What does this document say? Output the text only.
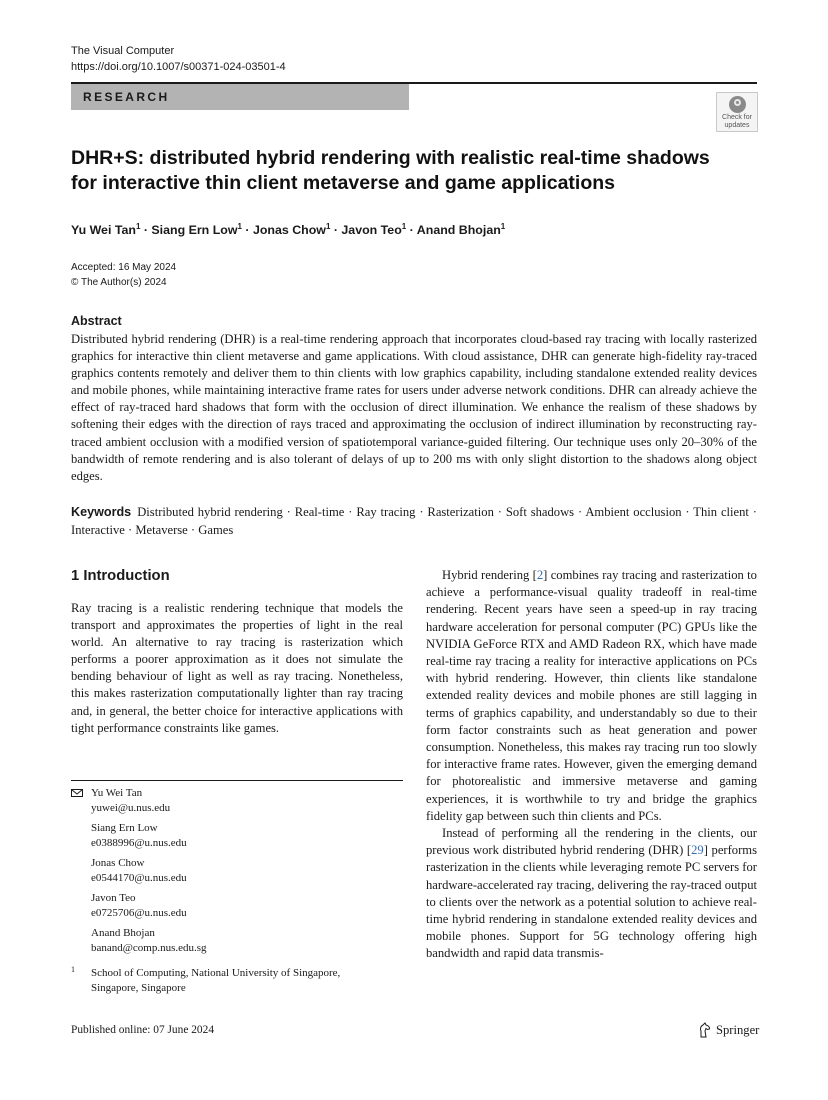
The Visual Computer
https://doi.org/10.1007/s00371-024-03501-4
RESEARCH
Check for
updates
DHR+S: distributed hybrid rendering with realistic real-time shadows
for interactive thin client metaverse and game applications
Yu Wei Tan$^1$ · Siang Ern Low$^1$ · Jonas Chow$^1$ · Javon Teo$^1$ · Anand Bhojan$^1$
Accepted: 16 May 2024
© The Author(s) 2024
Abstract
Distributed hybrid rendering (DHR) is a real-time rendering approach that incorporates cloud-based ray tracing with locally rasterized graphics for interactive thin client metaverse and game applications. With cloud assistance, DHR can generate high-fidelity ray-traced graphics contents remotely and deliver them to thin clients with low graphics capability, including standalone extended reality devices and mobile phones, while maintaining interactive frame rates for users under adverse network conditions. DHR can already achieve the effect of ray-traced hard shadows that form with the occlusion of direct illumination. We enhance the realism of these shadows by softening their edges with the direction of rays traced and approximating the occlusion of indirect illumination by reconstructing ray-traced ambient occlusion with a modified version of spatiotemporal variance-guided filtering. Our technique uses only 20–30% of the bandwidth of remote rendering and is also tolerant of delays of up to 200 ms with only slight distortion to the shadows along object edges.
Keywords Distributed hybrid rendering · Real-time · Ray tracing · Rasterization · Soft shadows · Ambient occlusion · Thin client · Interactive · Metaverse · Games
1 Introduction

Ray tracing is a realistic rendering technique that models the transport and approximates the properties of light in the real world. An alternative to ray tracing is rasterization which performs a poorer approximation as it does not simulate the bending behaviour of light as well as ray tracing. Nonetheless, this makes rasterization computationally lighter than ray tracing and, in general, the better choice for interactive applications with tight performance constraints like games.

Hybrid rendering [2] combines ray tracing and rasterization to achieve a performance-visual quality tradeoff in real-time rendering. Recent years have seen a speed-up in ray tracing hardware acceleration for personal computer (PC) GPUs like the NVIDIA GeForce RTX and AMD Radeon RX, which have made real-time ray tracing a reality for interactive applications on PCs with hybrid rendering. However, thin clients like standalone extended reality devices and mobile phones are still lagging in terms of graphics capability, and understandably so due to their form factor constraints such as heat generation and power consumption. Nonetheless, this makes ray tracing run too slowly for interactive frame rates. However, given the emerging demand for photorealistic and immersive metaverse and gaming experiences, it is worthwhile to try and bridge the graphics fidelity gap between such thin clients and PCs.

Instead of performing all the rendering in the clients, our previous work distributed hybrid rendering (DHR) [29] performs rasterization in the clients while leveraging remote PC servers for hardware-accelerated ray tracing, delivering the ray-traced output to clients over the network as a potential solution to achieve real-time hybrid rendering in standalone extended reality devices and mobile phones. Support for 5G technology offering high bandwidth and rapid data transmis-

Yu Wei Tan
yuwei@u.nus.edu
Siang Ern Low
e0388996@u.nus.edu
Jonas Chow
e0544170@u.nus.edu
Javon Teo
e0725706@u.nus.edu
Anand Bhojan
banand@comp.nus.edu.sg
1 School of Computing, National University of Singapore,
Singapore, Singapore
Published online: 07 June 2024	Springer
